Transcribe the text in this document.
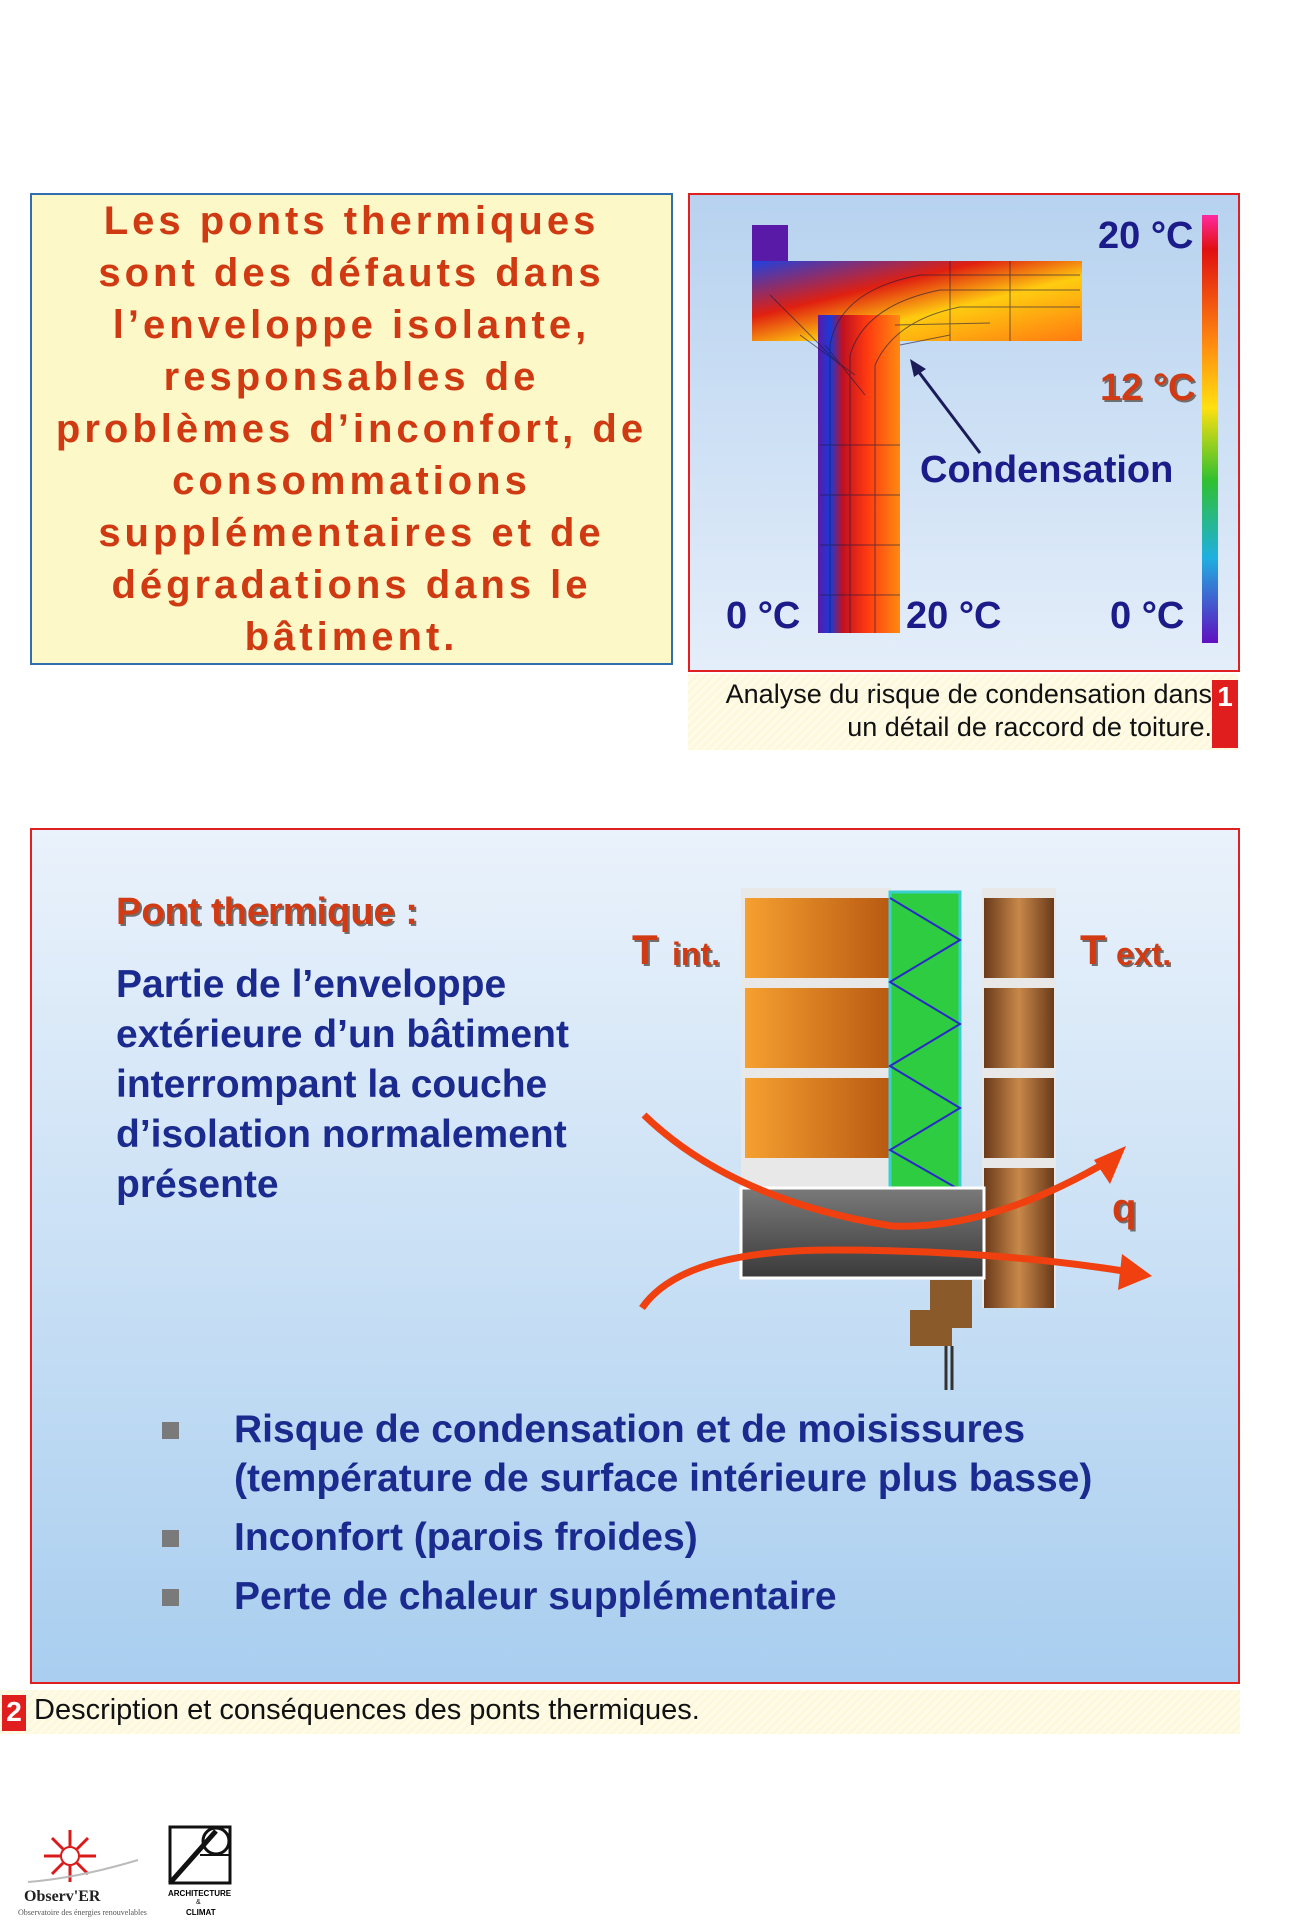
Les ponts thermiques sont des défauts dans l’enveloppe isolante, responsables de problèmes d’inconfort, de consommations supplémentaires et de dégradations dans le bâtiment.

20 °C
12 °C
Condensation
0 °C	20 °C	0 °C
Analyse du risque de condensation dans
un détail de raccord de toiture.
1
Pont thermique :

Partie de l’enveloppe extérieure d’un bâtiment interrompant la couche d’isolation normalement présente

T int.	T ext.
q
Risque de condensation et de moisissures (température de surface intérieure plus basse)
Inconfort (parois froides)
Perte de chaleur supplémentaire
2 Description et conséquences des ponts thermiques.
Observ'ER
Observatoire des énergies renouvelables
ARCHITECTURE
&
CLIMAT
